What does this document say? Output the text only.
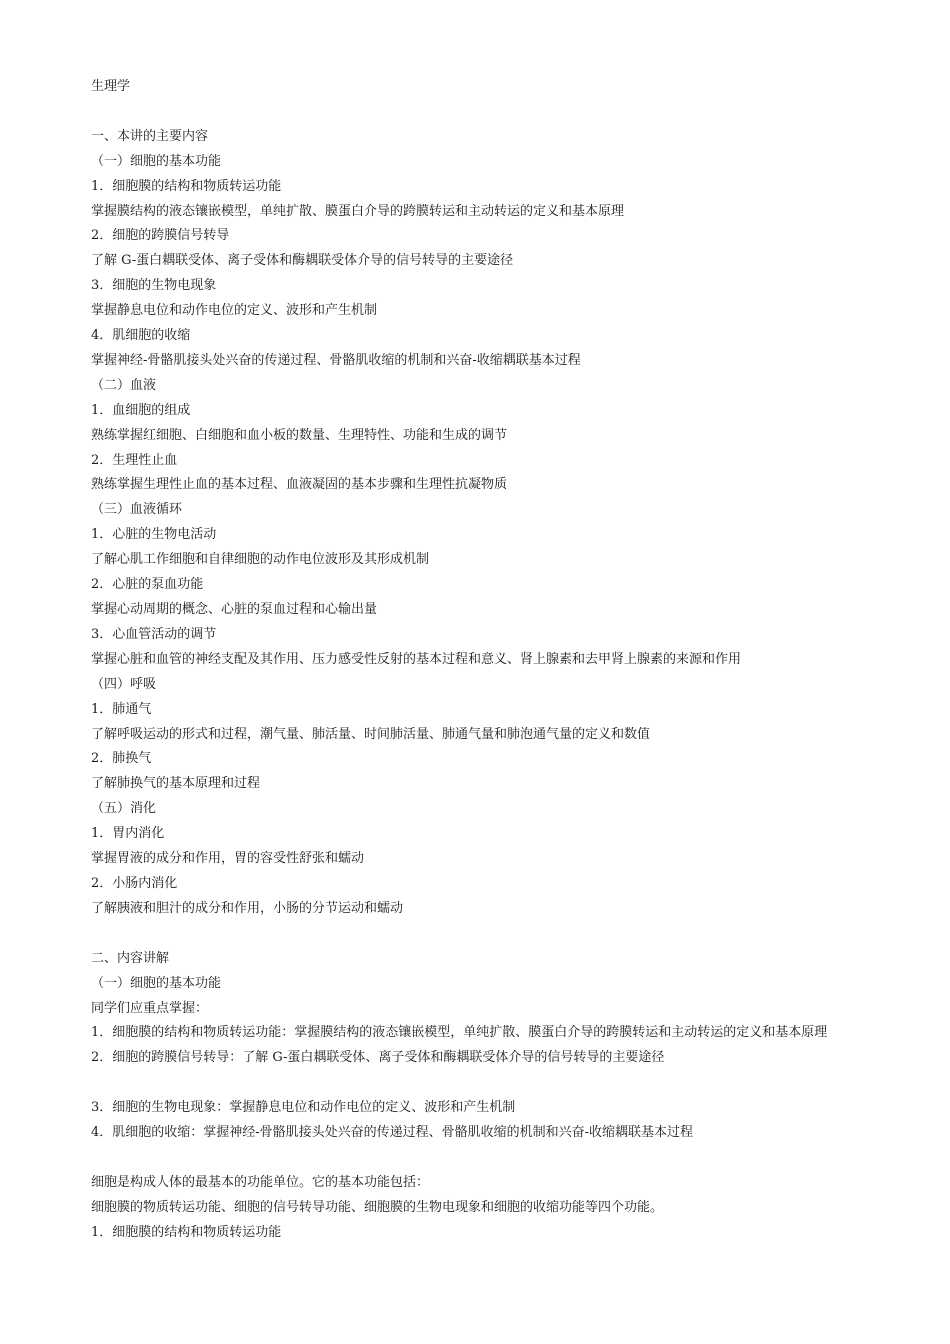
生理学

一、本讲的主要内容

（一）细胞的基本功能

1．细胞膜的结构和物质转运功能

掌握膜结构的液态镶嵌模型，单纯扩散、膜蛋白介导的跨膜转运和主动转运的定义和基本原理

2．细胞的跨膜信号转导

了解 G-蛋白耦联受体、离子受体和酶耦联受体介导的信号转导的主要途径

3．细胞的生物电现象

掌握静息电位和动作电位的定义、波形和产生机制

4．肌细胞的收缩

掌握神经-骨骼肌接头处兴奋的传递过程、骨骼肌收缩的机制和兴奋-收缩耦联基本过程

（二）血液

1．血细胞的组成

熟练掌握红细胞、白细胞和血小板的数量、生理特性、功能和生成的调节

2．生理性止血

熟练掌握生理性止血的基本过程、血液凝固的基本步骤和生理性抗凝物质

（三）血液循环

1．心脏的生物电活动

了解心肌工作细胞和自律细胞的动作电位波形及其形成机制

2．心脏的泵血功能

掌握心动周期的概念、心脏的泵血过程和心输出量

3．心血管活动的调节

掌握心脏和血管的神经支配及其作用、压力感受性反射的基本过程和意义、肾上腺素和去甲肾上腺素的来源和作用

（四）呼吸

1．肺通气

了解呼吸运动的形式和过程，潮气量、肺活量、时间肺活量、肺通气量和肺泡通气量的定义和数值

2．肺换气

了解肺换气的基本原理和过程

（五）消化

1．胃内消化

掌握胃液的成分和作用，胃的容受性舒张和蠕动

2．小肠内消化

了解胰液和胆汁的成分和作用，小肠的分节运动和蠕动

二、内容讲解

（一）细胞的基本功能

同学们应重点掌握：

1．细胞膜的结构和物质转运功能：掌握膜结构的液态镶嵌模型，单纯扩散、膜蛋白介导的跨膜转运和主动转运的定义和基本原理

2．细胞的跨膜信号转导：了解 G-蛋白耦联受体、离子受体和酶耦联受体介导的信号转导的主要途径

3．细胞的生物电现象：掌握静息电位和动作电位的定义、波形和产生机制

4．肌细胞的收缩：掌握神经-骨骼肌接头处兴奋的传递过程、骨骼肌收缩的机制和兴奋-收缩耦联基本过程

细胞是构成人体的最基本的功能单位。它的基本功能包括：

细胞膜的物质转运功能、细胞的信号转导功能、细胞膜的生物电现象和细胞的收缩功能等四个功能。

1．细胞膜的结构和物质转运功能
